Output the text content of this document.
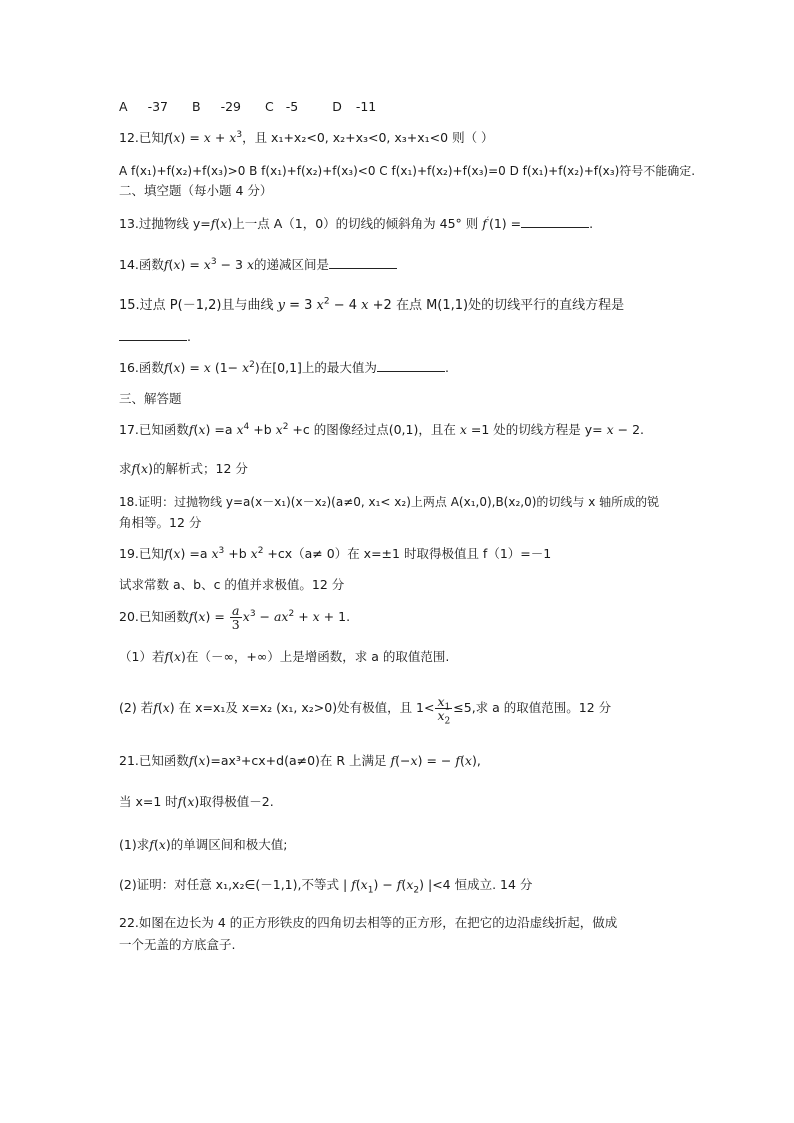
A -37 B -29 C -5	D -11
12.已知$f(x) = x + x^3$，且 x₁+x₂<0, x₂+x₃<0, x₃+x₁<0 则（ ）
A f(x₁)+f(x₂)+f(x₃)>0 B f(x₁)+f(x₂)+f(x₃)<0 C f(x₁)+f(x₂)+f(x₃)=0 D f(x₁)+f(x₂)+f(x₃)符号不能确定.
二、填空题（每小题 4 分）
13.过抛物线 y=f(x)上一点 A（1，0）的切线的倾斜角为 45° 则 f′(1) =	.
14.函数$f(x) = x^3 - 3$ x的递减区间是
15.过点 P(－1,2)且与曲线 y = 3 $x^2 - 4$ x +2 在点 M(1,1)处的切线平行的直线方程是
.
16.函数f(x) = x $(1- x^2)$在[0,1]上的最大值为	.
三、解答题
17.已知函数f(x) =a $x^4 +b$ $x^2 +c$ 的图像经过点(0,1)，且在 x =1 处的切线方程是 y= x − 2.
求f(x)的解析式；12 分
18.证明：过抛物线 y=a(x－x₁)(x－x₂)(a≠0, x₁< x₂)上两点 A(x₁,0),B(x₂,0)的切线与 x 轴所成的锐
角相等。12 分
19.已知f(x) =a $x^3 +b$ $x^2 +cx(a\ne 0)$在 x=±1 时取得极值且 f（1）=－1
试求常数 a、b、c 的值并求极值。12 分
20.已知函数$f(x) = \frac{a}{3} x^3 - ax^2 + x + 1$.
（1）若f(x)在（－∞，+∞）上是增函数，求 a 的取值范围.
(2) 若f(x) 在 x=x₁及 x=x₂ (x₁, x₂>0)处有极值，且 $1< \frac{x_1}{x_2} \le 5$,求 a 的取值范围。12 分
21.已知函数f(x)=ax³+cx+d(a≠0)在 R 上满足 f(−x) = − f(x),
当 x=1 时f(x)取得极值－2.
(1)求f(x)的单调区间和极大值;
(2)证明：对任意 x₁,x₂∈(－1,1),不等式 | $f(x_1) - f(x_2)$ |<4 恒成立. 14 分
22.如图在边长为 4 的正方形铁皮的四角切去相等的正方形，在把它的边沿虚线折起，做成
一个无盖的方底盒子.
